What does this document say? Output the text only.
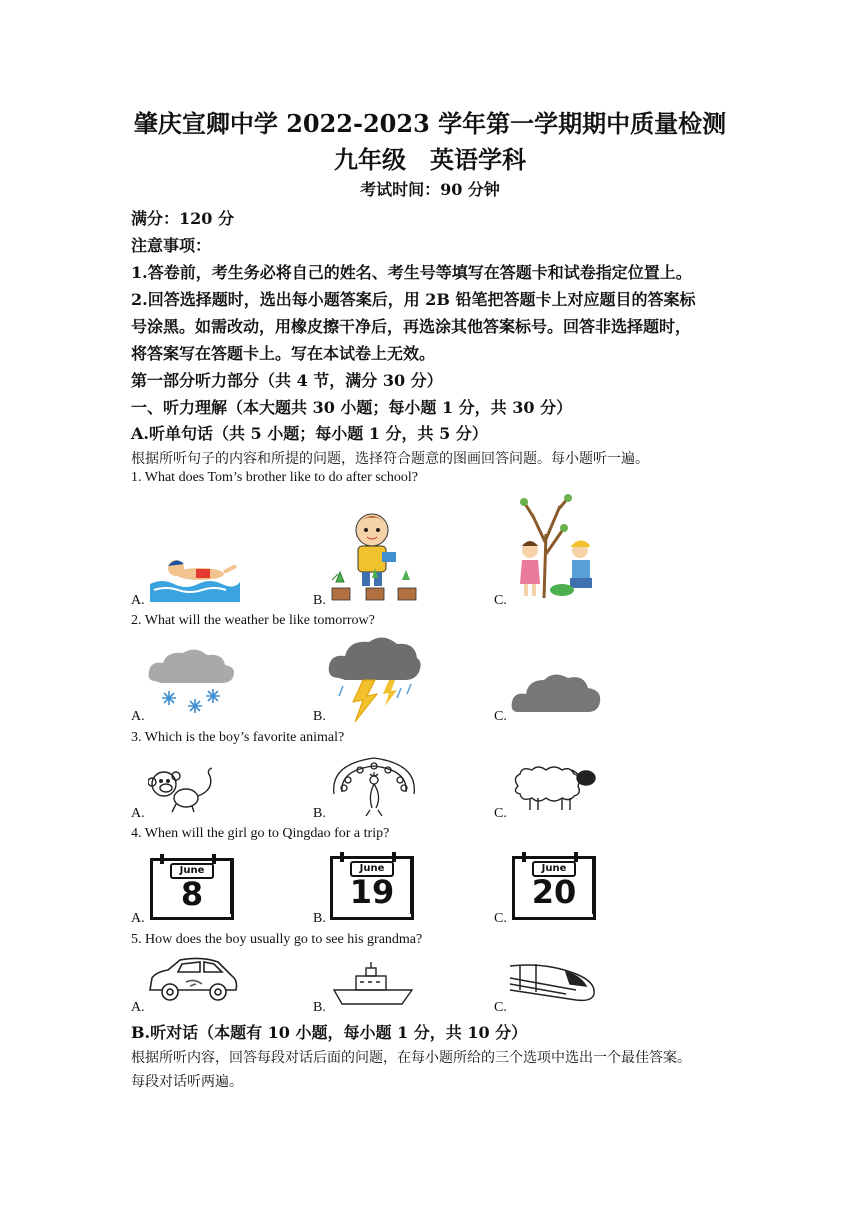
肇庆宣卿中学 2022-2023 学年第一学期期中质量检测
九年级　英语学科
考试时间：90 分钟
满分：120 分
注意事项：
1.答卷前，考生务必将自己的姓名、考生号等填写在答题卡和试卷指定位置上。
2.回答选择题时，选出每小题答案后，用 2B 铅笔把答题卡上对应题目的答案标
号涂黑。如需改动，用橡皮擦干净后，再选涂其他答案标号。回答非选择题时，
将答案写在答题卡上。写在本试卷上无效。
第一部分听力部分（共 4 节，满分 30 分）
一、听力理解（本大题共 30 小题；每小题 1 分，共 30 分）
A.听单句话（共 5 小题；每小题 1 分，共 5 分）
根据所听句子的内容和所提的问题，选择符合题意的图画回答问题。每小题听一遍。
1. What does Tom’s brother like to do after school?
A.	B.	C.
2. What will the weather be like tomorrow?
A.	B.	C.
3. Which is the boy’s favorite animal?
A.	B.	C.
4. When will the girl go to Qingdao for a trip?
June
8
June
19
June
20
A.	B.	C.
5. How does the boy usually go to see his grandma?
A.	B.	C.
B.听对话（本题有 10 小题，每小题 1 分，共 10 分）
根据所听内容，回答每段对话后面的问题，在每小题所给的三个选项中选出一个最佳答案。
每段对话听两遍。
